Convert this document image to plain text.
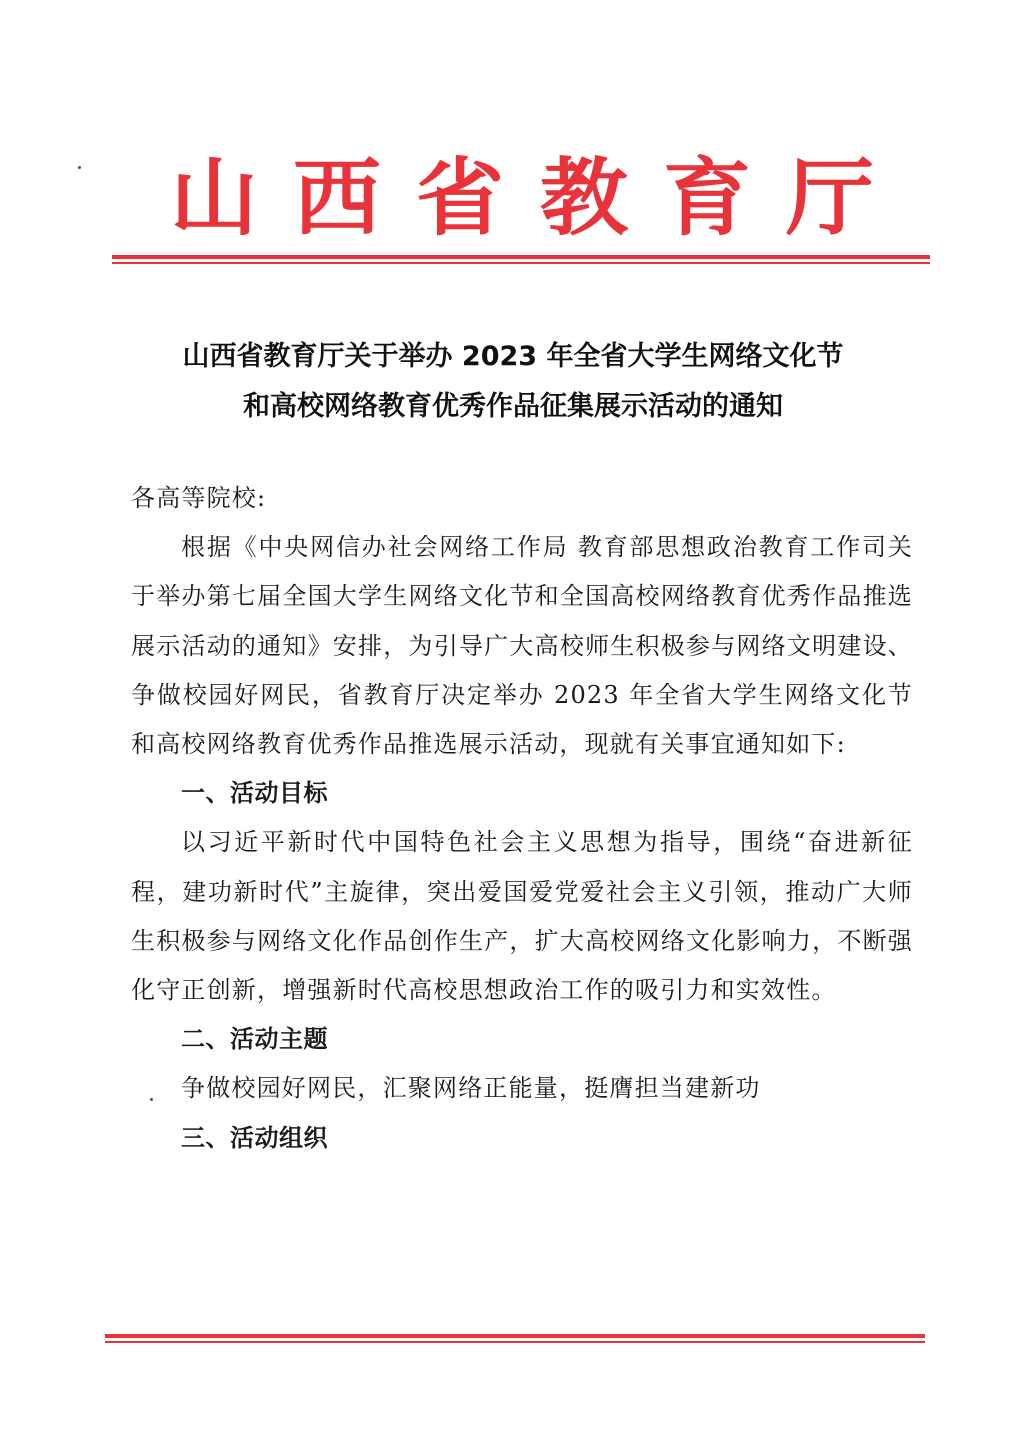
山 西 省 教 育 厅
山西省教育厅关于举办 2023 年全省大学生网络文化节
和高校网络教育优秀作品征集展示活动的通知

各高等院校:

根据《中央网信办社会网络工作局 教育部思想政治教育工作司关于举办第七届全国大学生网络文化节和全国高校网络教育优秀作品推选展示活动的通知》安排，为引导广大高校师生积极参与网络文明建设、争做校园好网民，省教育厅决定举办 2023 年全省大学生网络文化节和高校网络教育优秀作品推选展示活动，现就有关事宜通知如下:

一、活动目标

以习近平新时代中国特色社会主义思想为指导，围绕“奋进新征程，建功新时代”主旋律，突出爱国爱党爱社会主义引领，推动广大师生积极参与网络文化作品创作生产，扩大高校网络文化影响力，不断强化守正创新，增强新时代高校思想政治工作的吸引力和实效性。

二、活动主题

争做校园好网民，汇聚网络正能量，挺膺担当建新功

三、活动组织
